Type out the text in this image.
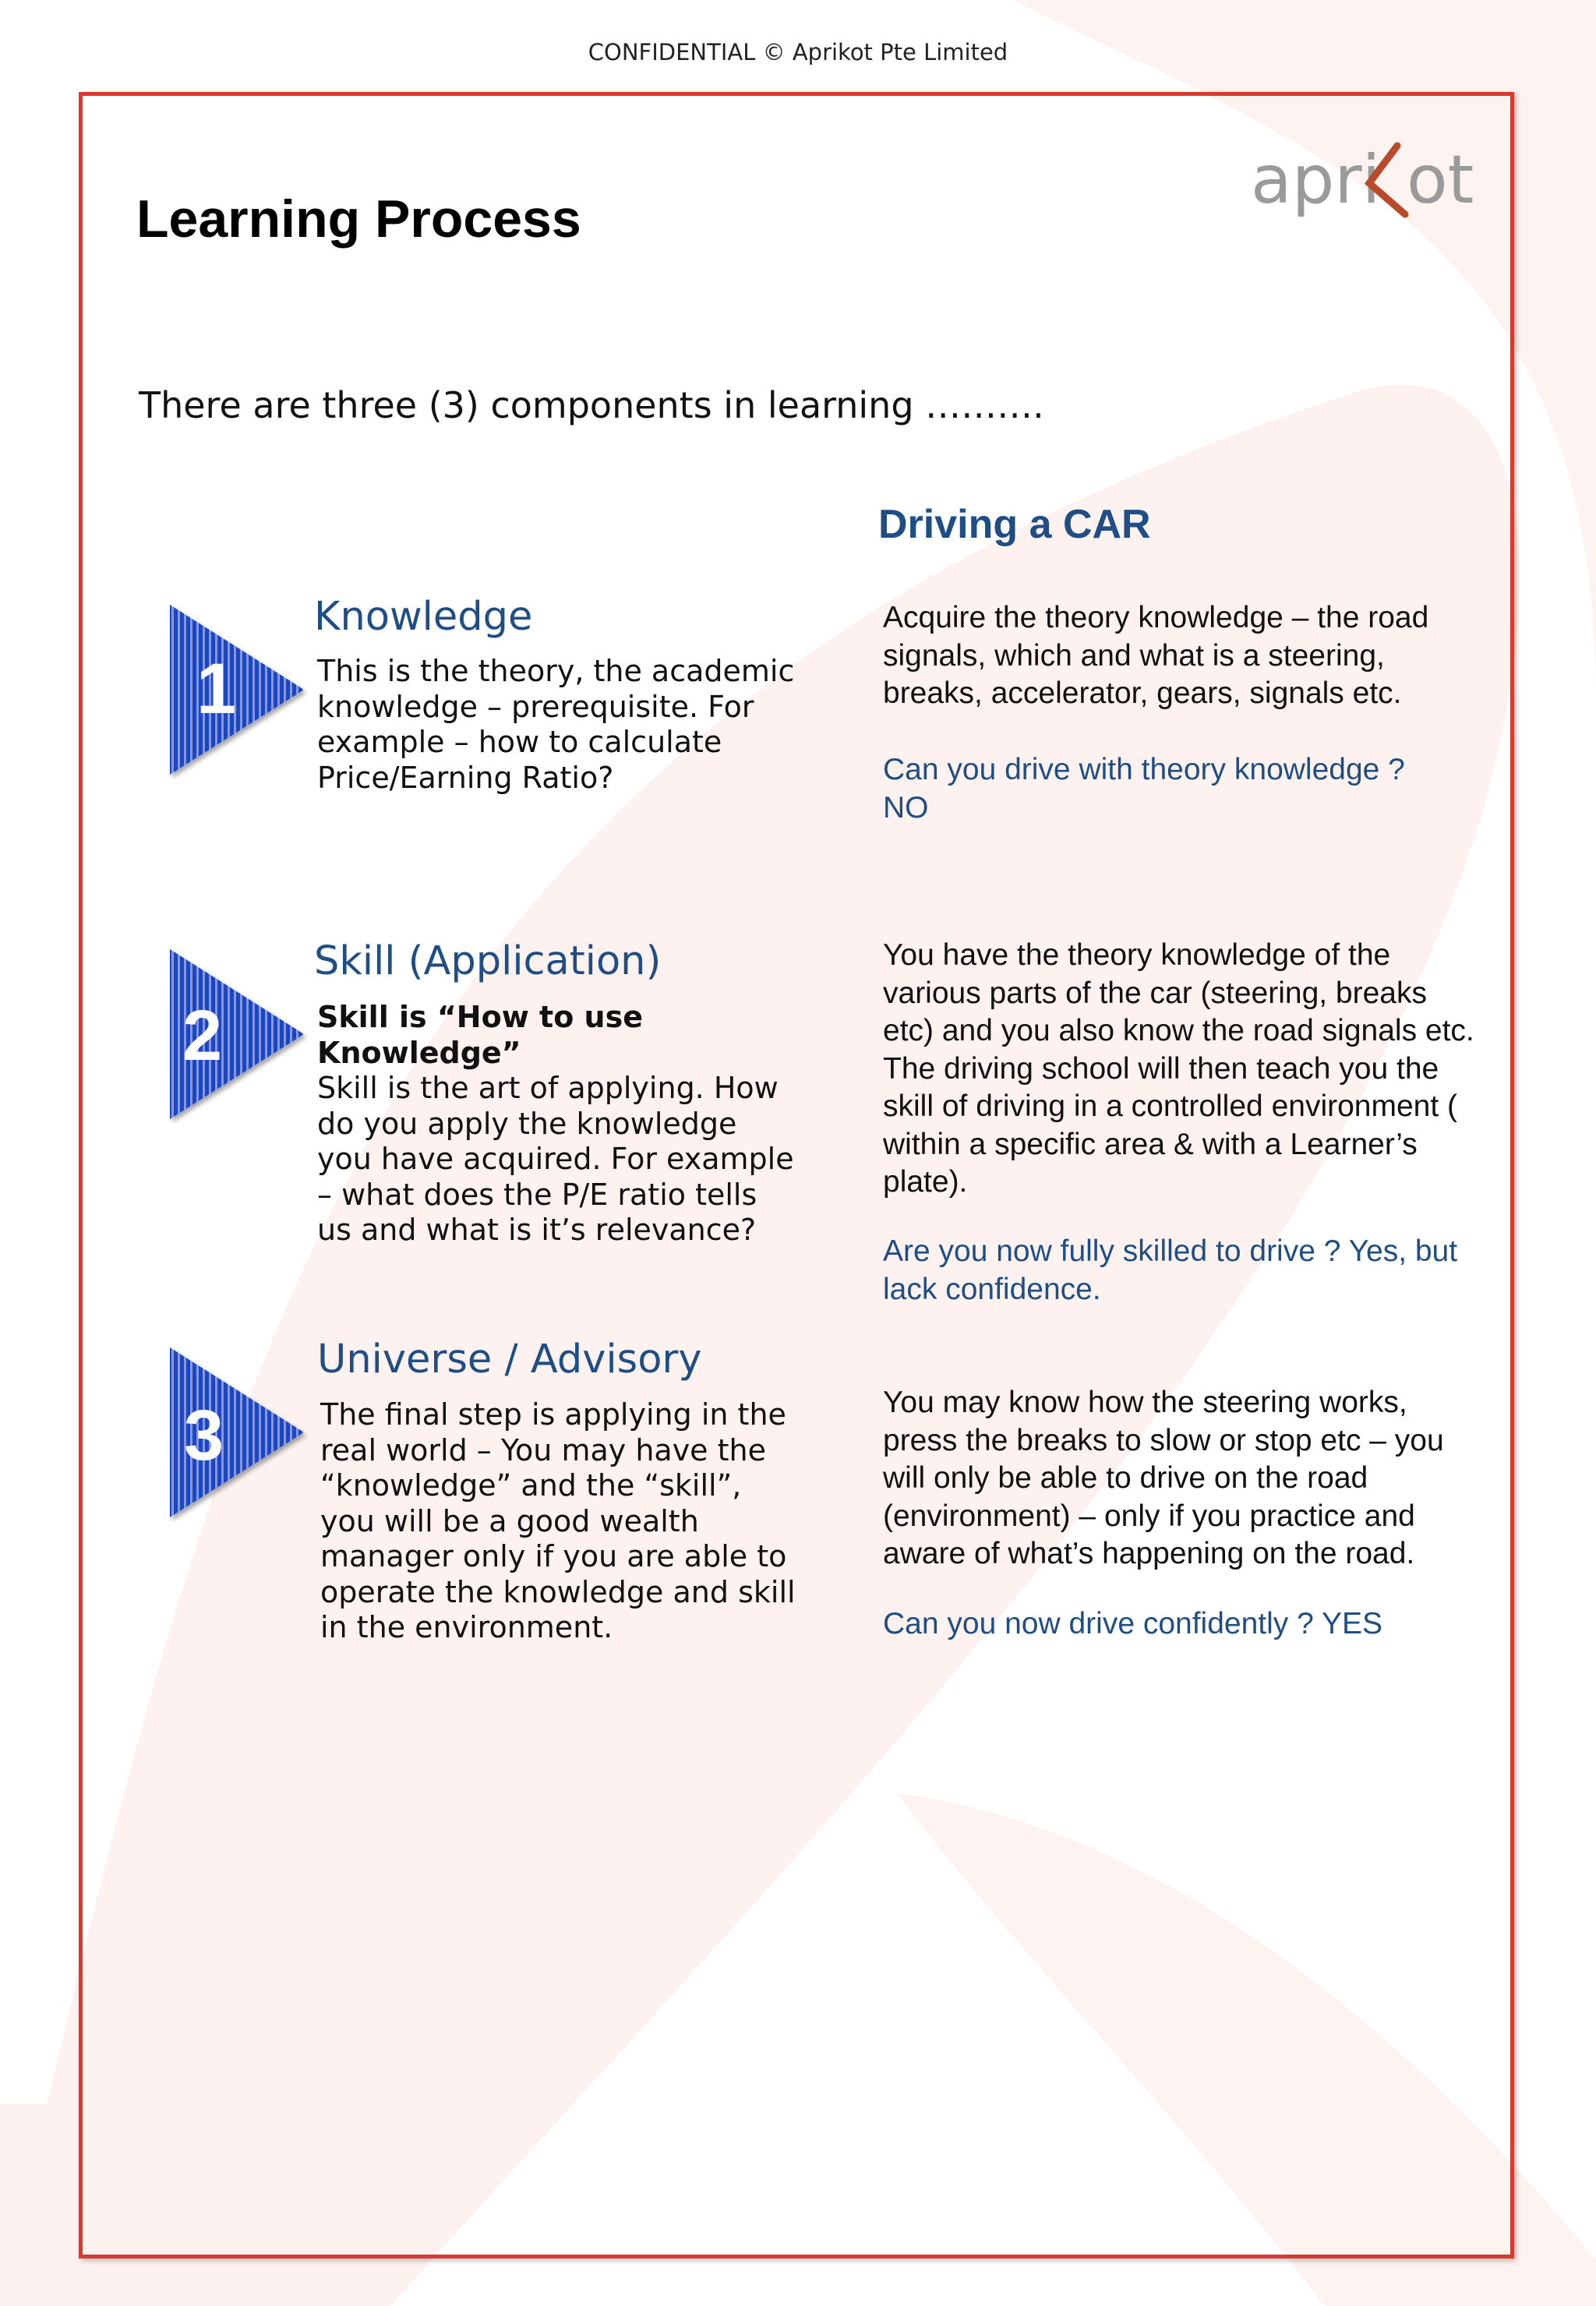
CONFIDENTIAL © Aprikot Pte Limited
apri ot
Learning Process
There are three (3) components in learning ……….
Driving a CAR
1
2
3
Knowledge
This is the theory, the academic knowledge – prerequisite. For example – how to calculate Price/Earning Ratio?
Skill (Application)
Skill is “How to use Knowledge”
Skill is the art of applying. How do you apply the knowledge you have acquired. For example – what does the P/E ratio tells us and what is it’s relevance?
Universe / Advisory
The final step is applying in the real world – You may have the “knowledge” and the “skill”, you will be a good wealth manager only if you are able to operate the knowledge and skill in the environment.
Acquire the theory knowledge – the road signals, which and what is a steering, breaks, accelerator, gears, signals etc.
Can you drive with theory knowledge ? NO
You have the theory knowledge of the various parts of the car (steering, breaks etc) and you also know the road signals etc. The driving school will then teach you the skill of driving in a controlled environment ( within a specific area & with a Learner’s plate).
Are you now fully skilled to drive ? Yes, but lack confidence.
You may know how the steering works, press the breaks to slow or stop etc – you will only be able to drive on the road (environment) – only if you practice and aware of what’s happening on the road.
Can you now drive confidently ? YES
